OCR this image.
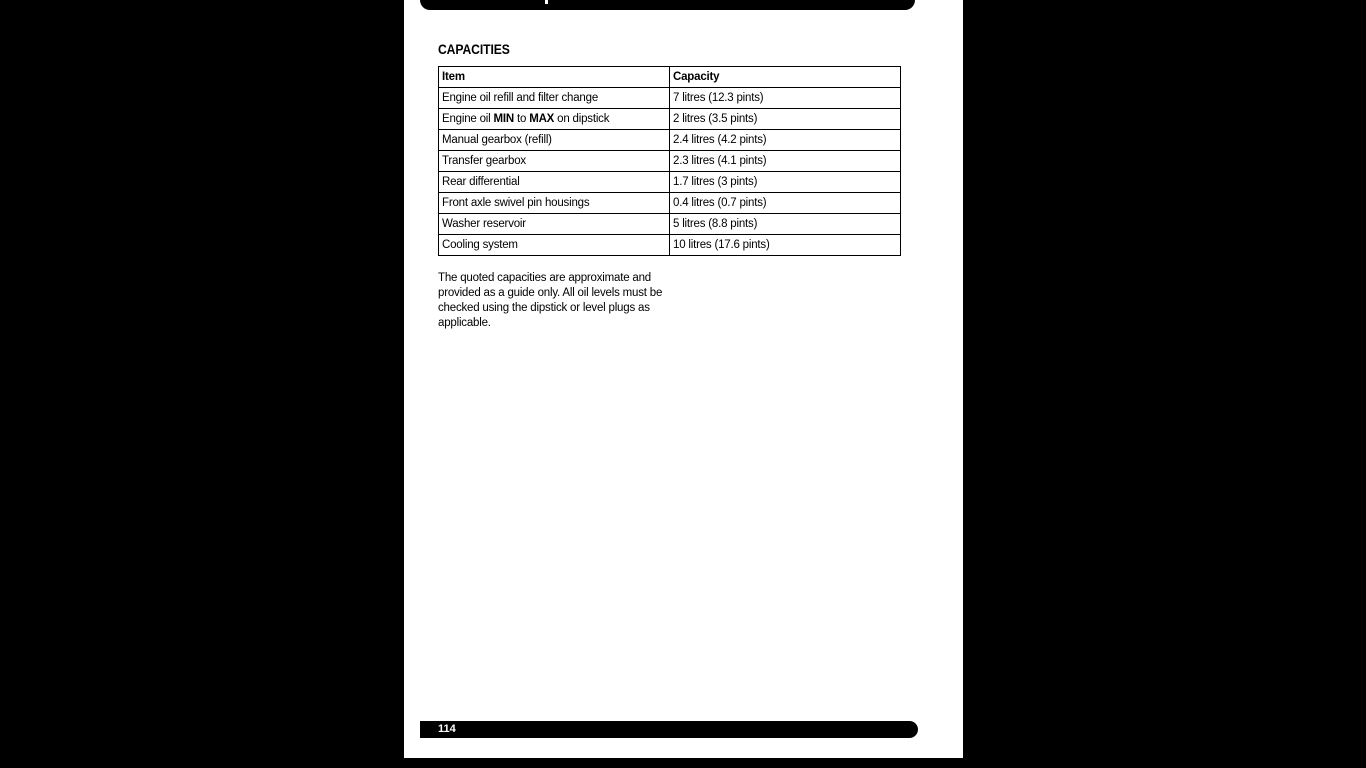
CAPACITIES
Item	Capacity
Engine oil refill and filter change	7 litres (12.3 pints)
Engine oil MIN to MAX on dipstick	2 litres (3.5 pints)
Manual gearbox (refill)	2.4 litres (4.2 pints)
Transfer gearbox	2.3 litres (4.1 pints)
Rear differential	1.7 litres (3 pints)
Front axle swivel pin housings	0.4 litres (0.7 pints)
Washer reservoir	5 litres (8.8 pints)
Cooling system	10 litres (17.6 pints)

The quoted capacities are approximate and provided as a guide only. All oil levels must be checked using the dipstick or level plugs as applicable.

114
